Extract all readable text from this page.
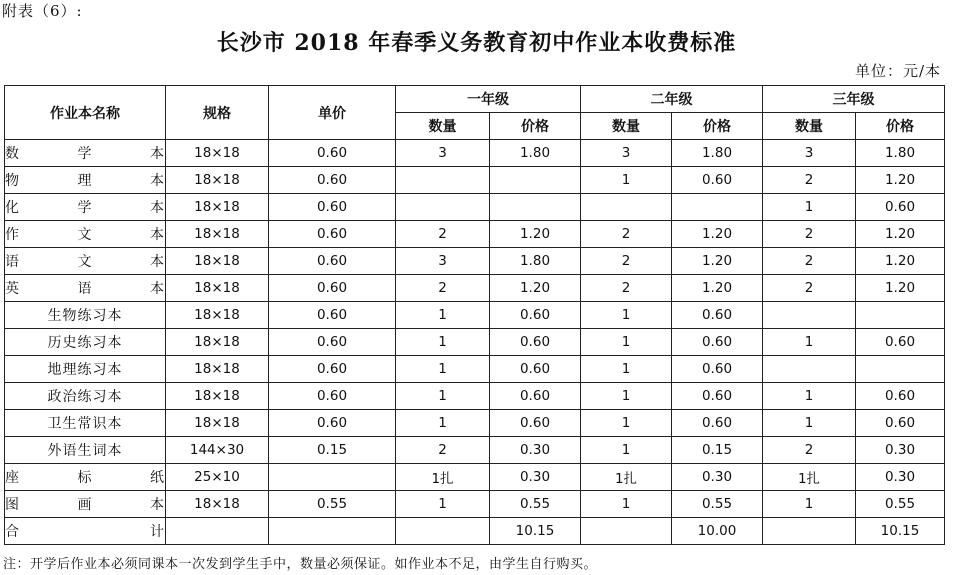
附表（6）:
长沙市 2018 年春季义务教育初中作业本收费标准
单位：元/本
作业本名称	规格	单价	一年级		二年级		三年级	
			数量	价格	数量	价格	数量	价格
数学本	18×18	0.60	3	1.80	3	1.80	3	1.80
物理本	18×18	0.60			1	0.60	2	1.20
化学本	18×18	0.60					1	0.60
作文本	18×18	0.60	2	1.20	2	1.20	2	1.20
语文本	18×18	0.60	3	1.80	2	1.20	2	1.20
英语本	18×18	0.60	2	1.20	2	1.20	2	1.20
生物练习本	18×18	0.60	1	0.60	1	0.60		
历史练习本	18×18	0.60	1	0.60	1	0.60	1	0.60
地理练习本	18×18	0.60	1	0.60	1	0.60		
政治练习本	18×18	0.60	1	0.60	1	0.60	1	0.60
卫生常识本	18×18	0.60	1	0.60	1	0.60	1	0.60
外语生词本	144×30	0.15	2	0.30	1	0.15	2	0.30
座标纸	25×10		1扎	0.30	1扎	0.30	1扎	0.30
图画本	18×18	0.55	1	0.55	1	0.55	1	0.55
合计				10.15		10.00		10.15
注：开学后作业本必须同课本一次发到学生手中，数量必须保证。如作业本不足，由学生自行购买。
